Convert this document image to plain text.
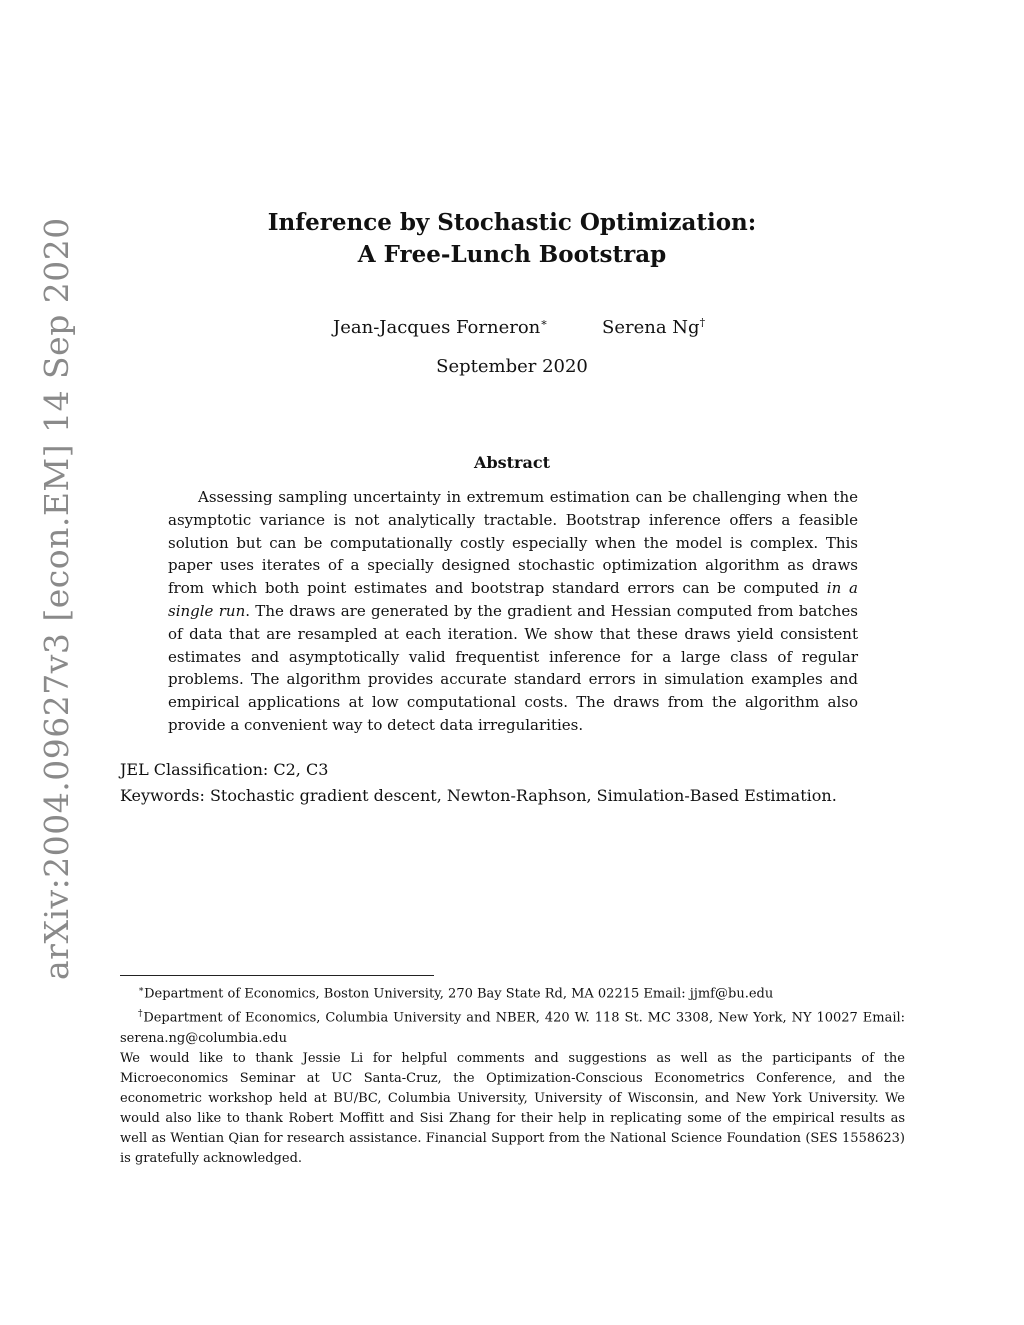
arXiv:2004.09627v3 [econ.EM] 14 Sep 2020	Inference by Stochastic Optimization:
A Free-Lunch Bootstrap
Jean-Jacques Forneron∗	Serena Ng†
September 2020
Abstract

Assessing sampling uncertainty in extremum estimation can be challenging when the asymptotic variance is not analytically tractable. Bootstrap inference offers a feasible solution but can be computationally costly especially when the model is complex. This paper uses iterates of a specially designed stochastic optimization algorithm as draws from which both point estimates and bootstrap standard errors can be computed in a single run. The draws are generated by the gradient and Hessian computed from batches of data that are resampled at each iteration. We show that these draws yield consistent estimates and asymptotically valid frequentist inference for a large class of regular problems. The algorithm provides accurate standard errors in simulation examples and empirical applications at low computational costs. The draws from the algorithm also provide a convenient way to detect data irregularities.

JEL Classification: C2, C3
Keywords: Stochastic gradient descent, Newton-Raphson, Simulation-Based Estimation.

∗Department of Economics, Boston University, 270 Bay State Rd, MA 02215 Email: jjmf@bu.edu

†Department of Economics, Columbia University and NBER, 420 W. 118 St. MC 3308, New York, NY 10027 Email: serena.ng@columbia.edu

We would like to thank Jessie Li for helpful comments and suggestions as well as the participants of the Microeconomics Seminar at UC Santa-Cruz, the Optimization-Conscious Econometrics Conference, and the econometric workshop held at BU/BC, Columbia University, University of Wisconsin, and New York University. We would also like to thank Robert Moffitt and Sisi Zhang for their help in replicating some of the empirical results as well as Wentian Qian for research assistance. Financial Support from the National Science Foundation (SES 1558623) is gratefully acknowledged.
